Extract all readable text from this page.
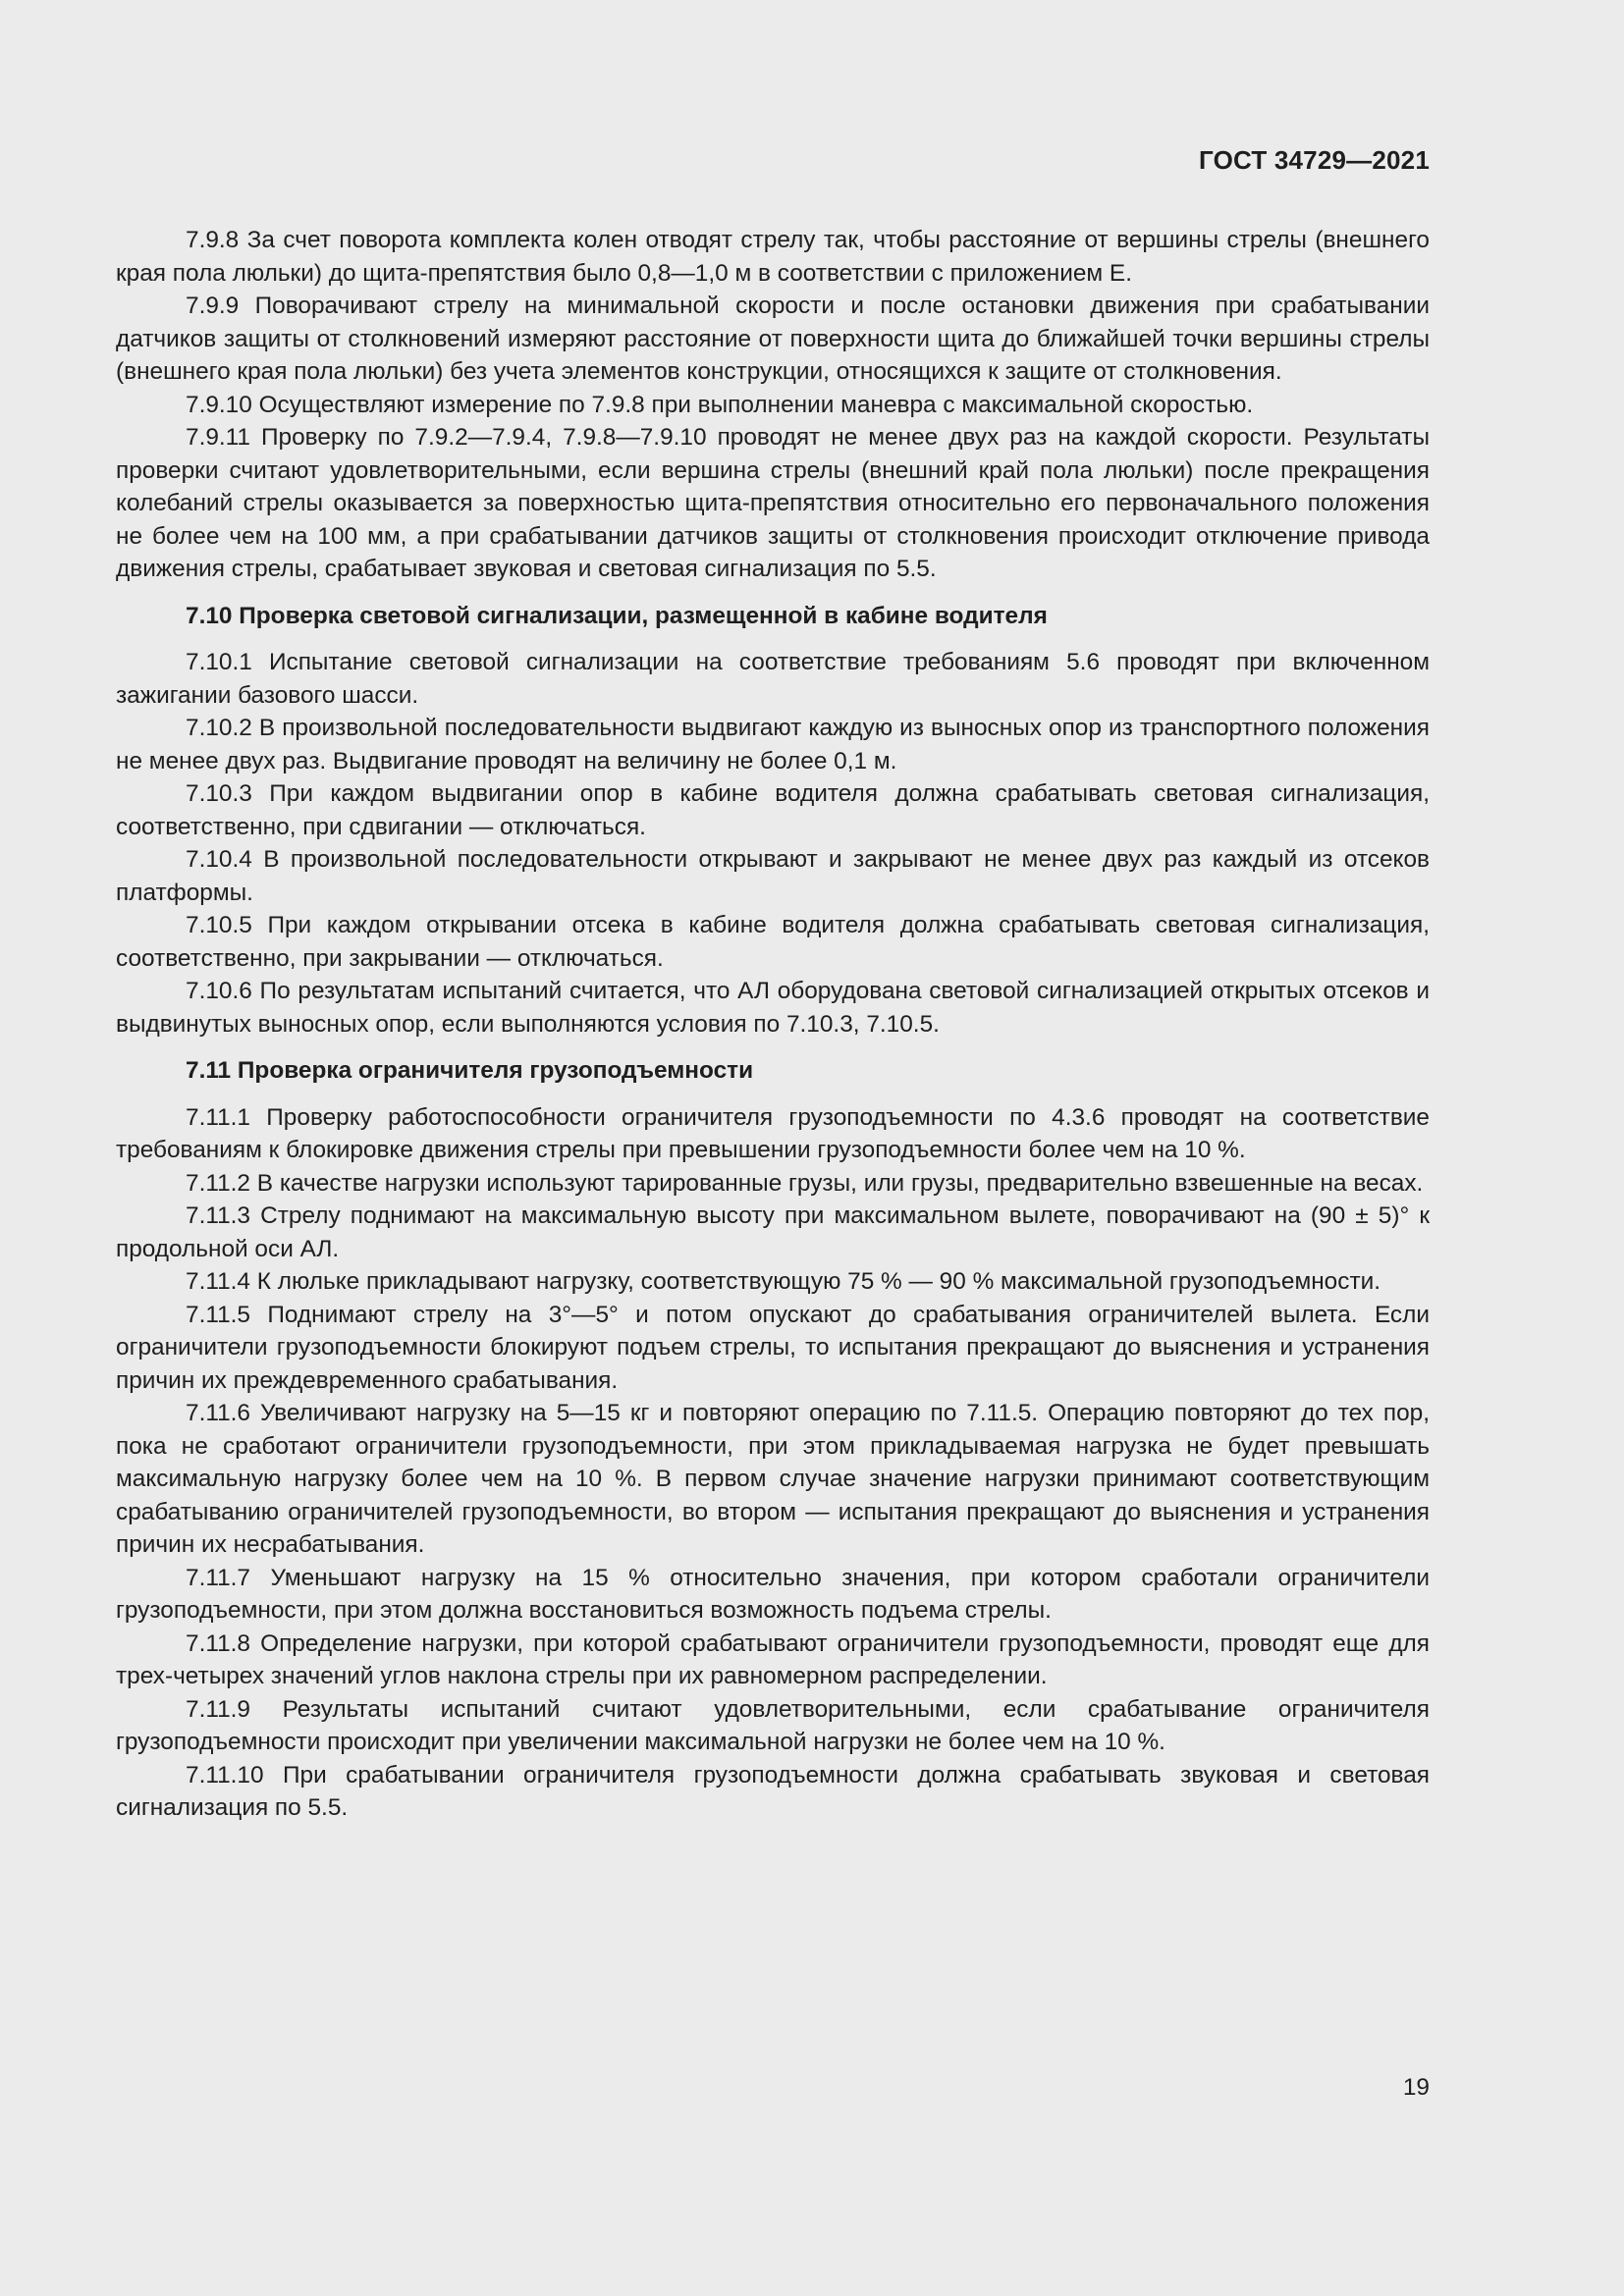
ГОСТ 34729—2021

7.9.8 За счет поворота комплекта колен отводят стрелу так, чтобы расстояние от вершины стрелы (внешнего края пола люльки) до щита-препятствия было 0,8—1,0 м в соответствии с приложением Е.

7.9.9 Поворачивают стрелу на минимальной скорости и после остановки движения при срабатывании датчиков защиты от столкновений измеряют расстояние от поверхности щита до ближайшей точки вершины стрелы (внешнего края пола люльки) без учета элементов конструкции, относящихся к защите от столкновения.

7.9.10 Осуществляют измерение по 7.9.8 при выполнении маневра с максимальной скоростью.

7.9.11 Проверку по 7.9.2—7.9.4, 7.9.8—7.9.10 проводят не менее двух раз на каждой скорости. Результаты проверки считают удовлетворительными, если вершина стрелы (внешний край пола люльки) после прекращения колебаний стрелы оказывается за поверхностью щита-препятствия относительно его первоначального положения не более чем на 100 мм, а при срабатывании датчиков защиты от столкновения происходит отключение привода движения стрелы, срабатывает звуковая и световая сигнализация по 5.5.

7.10 Проверка световой сигнализации, размещенной в кабине водителя

7.10.1 Испытание световой сигнализации на соответствие требованиям 5.6 проводят при включенном зажигании базового шасси.

7.10.2 В произвольной последовательности выдвигают каждую из выносных опор из транспортного положения не менее двух раз. Выдвигание проводят на величину не более 0,1 м.

7.10.3 При каждом выдвигании опор в кабине водителя должна срабатывать световая сигнализация, соответственно, при сдвигании — отключаться.

7.10.4 В произвольной последовательности открывают и закрывают не менее двух раз каждый из отсеков платформы.

7.10.5 При каждом открывании отсека в кабине водителя должна срабатывать световая сигнализация, соответственно, при закрывании — отключаться.

7.10.6 По результатам испытаний считается, что АЛ оборудована световой сигнализацией открытых отсеков и выдвинутых выносных опор, если выполняются условия по 7.10.3, 7.10.5.

7.11 Проверка ограничителя грузоподъемности

7.11.1 Проверку работоспособности ограничителя грузоподъемности по 4.3.6 проводят на соответствие требованиям к блокировке движения стрелы при превышении грузоподъемности более чем на 10 %.

7.11.2 В качестве нагрузки используют тарированные грузы, или грузы, предварительно взвешенные на весах.

7.11.3 Стрелу поднимают на максимальную высоту при максимальном вылете, поворачивают на (90 ± 5)° к продольной оси АЛ.

7.11.4 К люльке прикладывают нагрузку, соответствующую 75 % — 90 % максимальной грузоподъемности.

7.11.5 Поднимают стрелу на 3°—5° и потом опускают до срабатывания ограничителей вылета. Если ограничители грузоподъемности блокируют подъем стрелы, то испытания прекращают до выяснения и устранения причин их преждевременного срабатывания.

7.11.6 Увеличивают нагрузку на 5—15 кг и повторяют операцию по 7.11.5. Операцию повторяют до тех пор, пока не сработают ограничители грузоподъемности, при этом прикладываемая нагрузка не будет превышать максимальную нагрузку более чем на 10 %. В первом случае значение нагрузки принимают соответствующим срабатыванию ограничителей грузоподъемности, во втором — испытания прекращают до выяснения и устранения причин их несрабатывания.

7.11.7 Уменьшают нагрузку на 15 % относительно значения, при котором сработали ограничители грузоподъемности, при этом должна восстановиться возможность подъема стрелы.

7.11.8 Определение нагрузки, при которой срабатывают ограничители грузоподъемности, проводят еще для трех-четырех значений углов наклона стрелы при их равномерном распределении.

7.11.9 Результаты испытаний считают удовлетворительными, если срабатывание ограничителя грузоподъемности происходит при увеличении максимальной нагрузки не более чем на 10 %.

7.11.10 При срабатывании ограничителя грузоподъемности должна срабатывать звуковая и световая сигнализация по 5.5.

19
